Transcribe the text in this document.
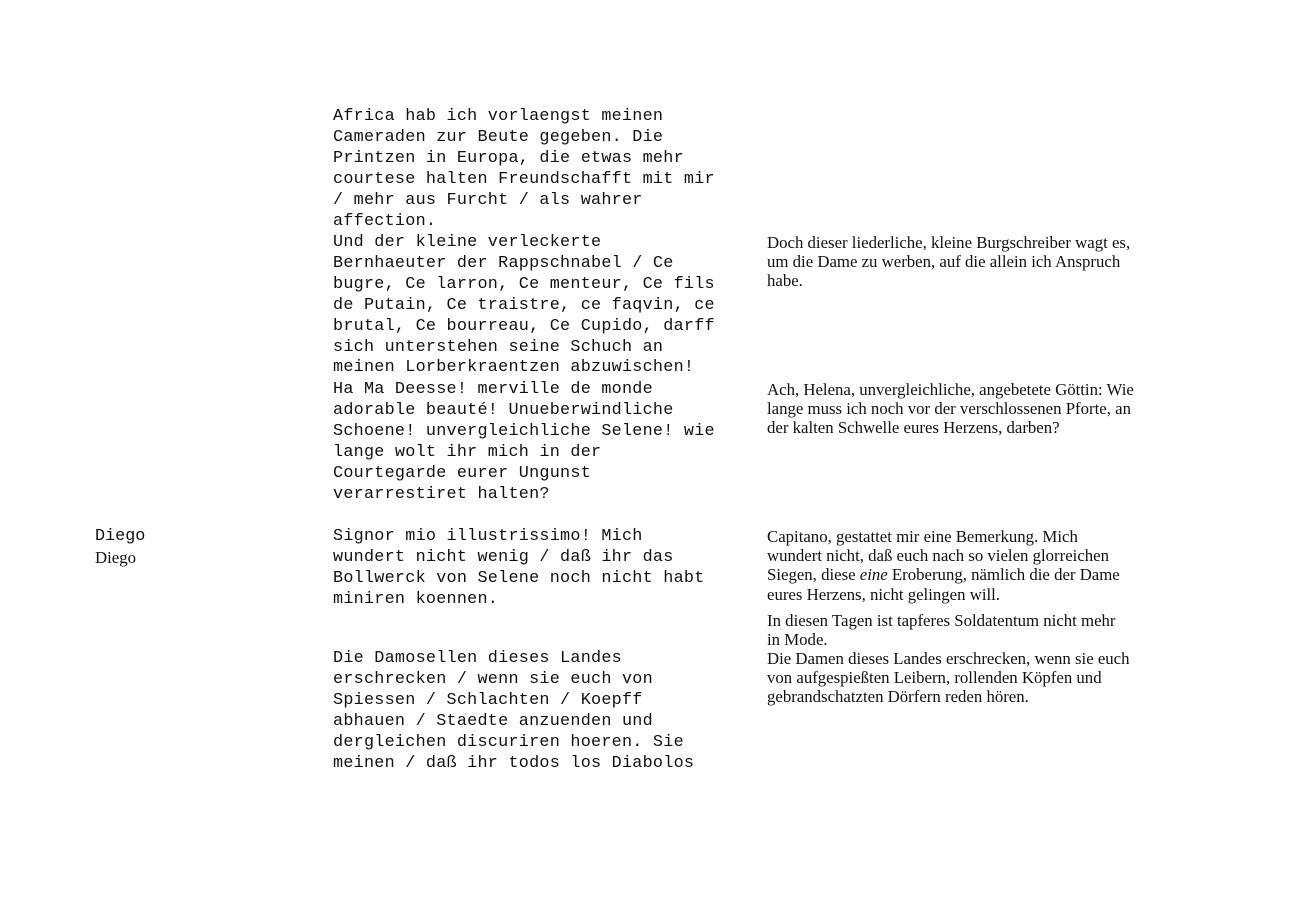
Diego
Diego
Africa hab ich vorlaengst meinen
Cameraden zur Beute gegeben. Die
Printzen in Europa, die etwas mehr
courtese halten Freundschafft mit mir
/ mehr aus Furcht / als wahrer
affection.
Und der kleine verleckerte
Bernhaeuter der Rappschnabel / Ce
bugre, Ce larron, Ce menteur, Ce fils
de Putain, Ce traistre, ce faqvin, ce
brutal, Ce bourreau, Ce Cupido, darff
sich unterstehen seine Schuch an
meinen Lorberkraentzen abzuwischen!
Ha Ma Deesse! merville de monde
adorable beauté! Unueberwindliche
Schoene! unvergleichliche Selene! wie
lange wolt ihr mich in der
Courtegarde eurer Ungunst
verarrestiret halten?
Signor mio illustrissimo! Mich
wundert nicht wenig / daß ihr das
Bollwerck von Selene noch nicht habt
miniren koennen.
Die Damosellen dieses Landes
erschrecken / wenn sie euch von
Spiessen / Schlachten / Koepff
abhauen / Staedte anzuenden und
dergleichen discuriren hoeren. Sie
meinen / daß ihr todos los Diabolos
Doch dieser liederliche, kleine Burgschreiber wagt es,
um die Dame zu werben, auf die allein ich Anspruch
habe.
Ach, Helena, unvergleichliche, angebetete Göttin: Wie
lange muss ich noch vor der verschlossenen Pforte, an
der kalten Schwelle eures Herzens, darben?
Capitano, gestattet mir eine Bemerkung. Mich
wundert nicht, daß euch nach so vielen glorreichen
Siegen, diese eine Eroberung, nämlich die der Dame
eures Herzens, nicht gelingen will.
In diesen Tagen ist tapferes Soldatentum nicht mehr
in Mode.
Die Damen dieses Landes erschrecken, wenn sie euch
von aufgespießten Leibern, rollenden Köpfen und
gebrandschatzten Dörfern reden hören.
